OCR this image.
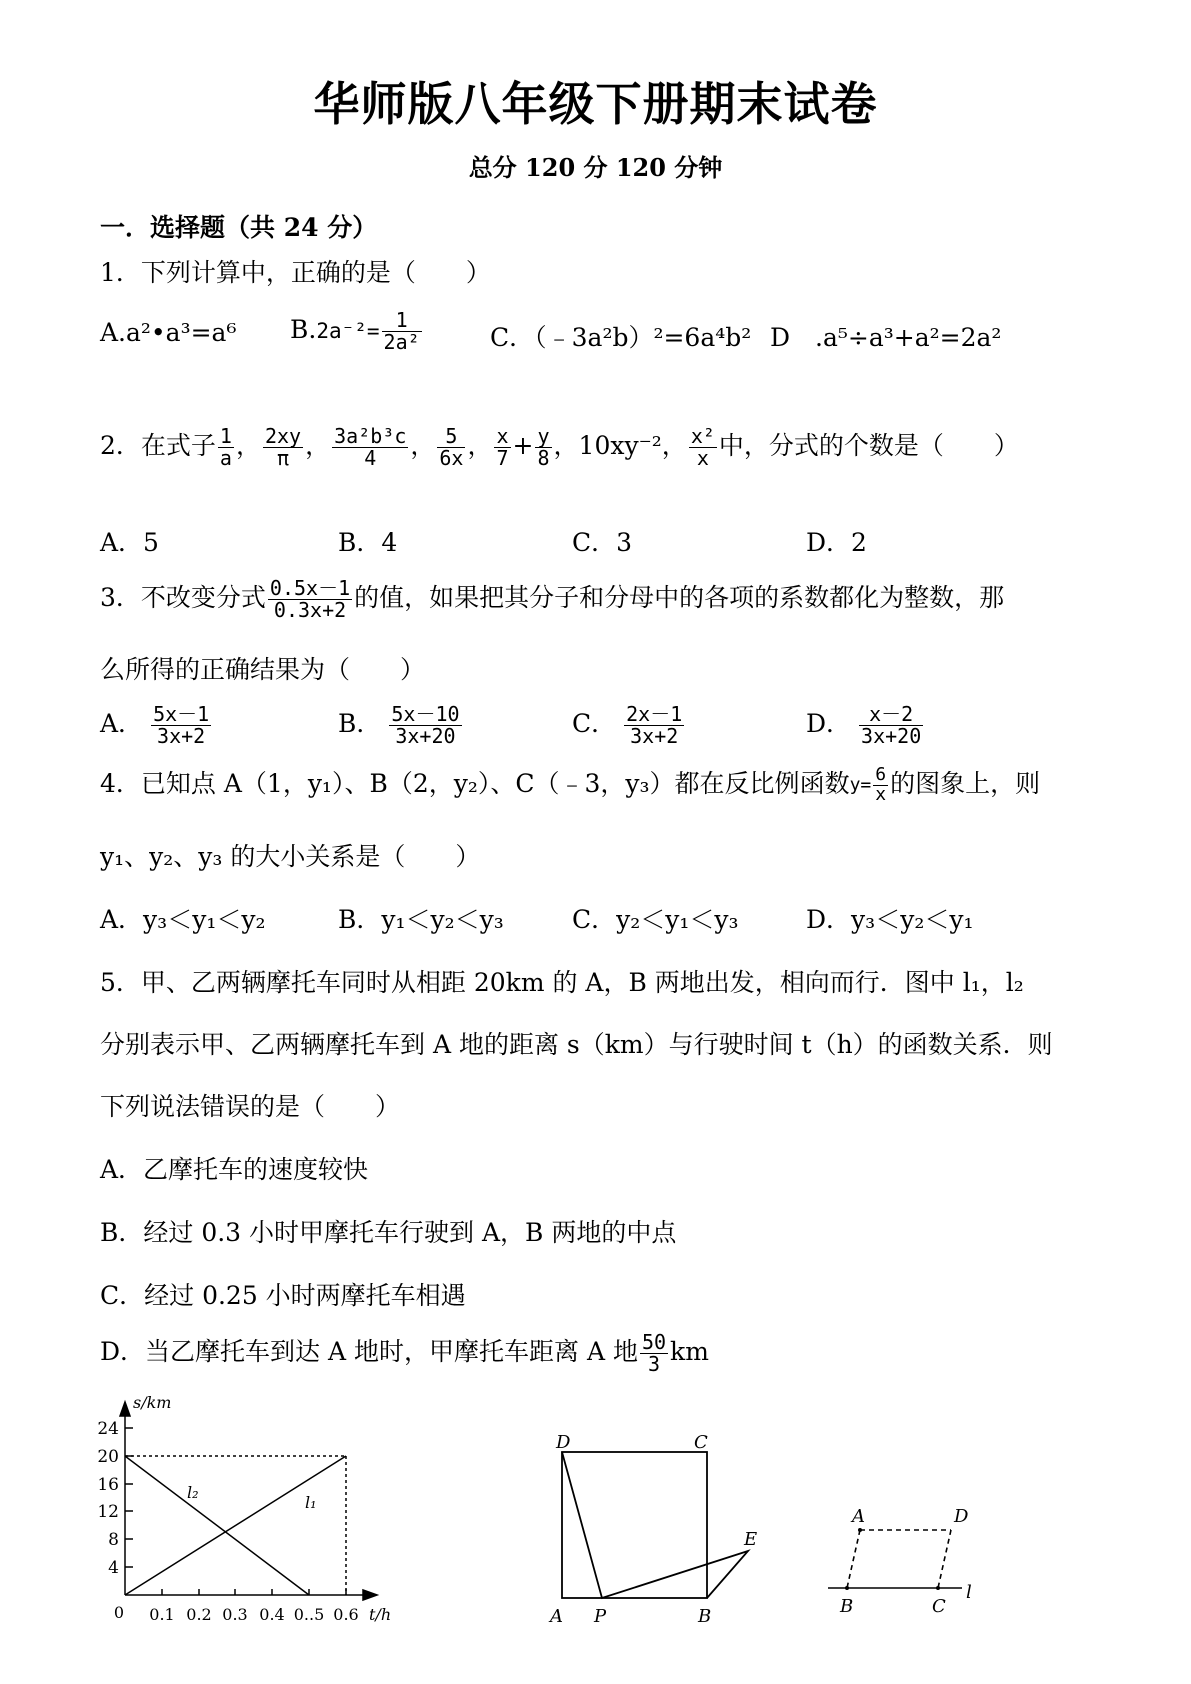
华师版八年级下册期末试卷
总分 120 分 120 分钟
一．选择题（共 24 分）
1．下列计算中，正确的是（　　）
A.a²•a³=a⁶ $B.2a^{-2}= \frac{1}{\text{2a²}}$	C．（﹣3a²b）²=6a⁴b² D　.a⁵÷a³+a²=2a²
2．在式子 $\frac{1}{a}$ ， $\frac{2xy}{\pi}$ ， $\frac{\text{3a²b³c}}{4}$ ， $\frac{5}{6x}$ ， $\frac{x}{7} + \frac{y}{8}$ ，10xy⁻²， $\frac{\text{x²}}{x}$ 中，分式的个数是（　　）
A．5	B．4	C．3	D．2
3．不改变分式 $\frac{0.5x-1}{0.3x+2}$ 的值，如果把其分子和分母中的各项的系数都化为整数，那
么所得的正确结果为（　　）
A． $\frac{5x-1}{3x+2}$	B． $\frac{5x-10}{3x+20}$	C． $\frac{2x-1}{3x+2}$	D． $\frac{x-2}{3x+20}$
4．已知点 A（1，y₁）、B（2，y₂）、C（﹣3，y₃）都在反比例函数$y= \frac{6}{x}$ 的图象上，则
y₁、y₂、y₃ 的大小关系是（　　）
A．y₃＜y₁＜y₂	B．y₁＜y₂＜y₃	C．y₂＜y₁＜y₃	D．y₃＜y₂＜y₁
5．甲、乙两辆摩托车同时从相距 20km 的 A，B 两地出发，相向而行．图中 l₁，l₂
分别表示甲、乙两辆摩托车到 A 地的距离 s（km）与行驶时间 t（h）的函数关系．则
下列说法错误的是（　　）
A．乙摩托车的速度较快
B．经过 0.3 小时甲摩托车行驶到 A，B 两地的中点
C．经过 0.25 小时两摩托车相遇
D．当乙摩托车到达 A 地时，甲摩托车距离 A 地 $\frac{50}{3}$ km
24
20
16
12
8
4
0 0.1 0.2 0.3 0.4 0..5 0.6
s/km
t/h
l₂
l₁
D	C
A P	B
E
A	D
B	C
l
